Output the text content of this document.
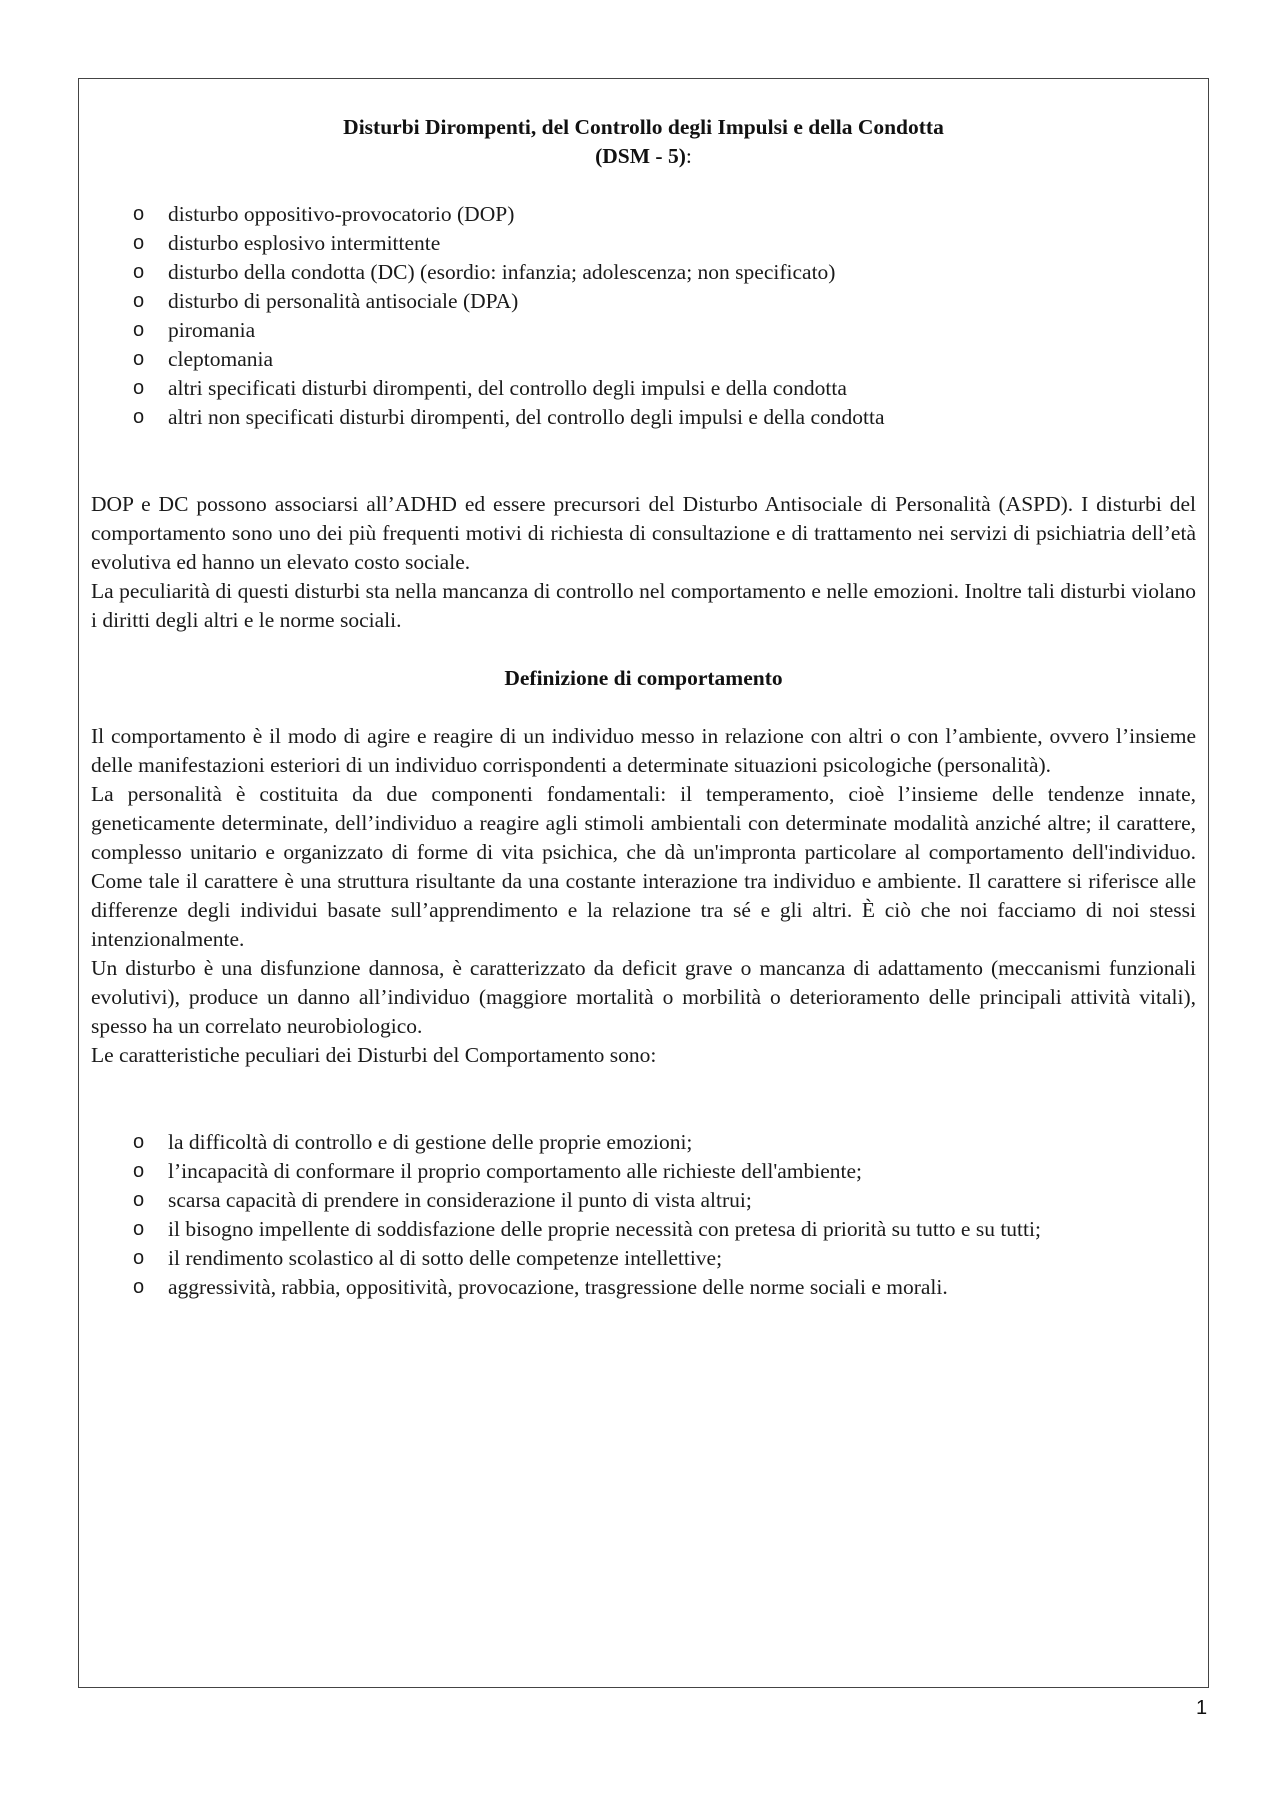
Disturbi Dirompenti, del Controllo degli Impulsi e della Condotta
(DSM - 5):
o disturbo oppositivo-provocatorio (DOP)
o disturbo esplosivo intermittente
o disturbo della condotta (DC) (esordio: infanzia; adolescenza; non specificato)
o disturbo di personalità antisociale (DPA)
o piromania
o cleptomania
o altri specificati disturbi dirompenti, del controllo degli impulsi e della condotta
o altri non specificati disturbi dirompenti, del controllo degli impulsi e della condotta

DOP e DC possono associarsi all’ADHD ed essere precursori del Disturbo Antisociale di Personalità (ASPD). I disturbi del comportamento sono uno dei più frequenti motivi di richiesta di consultazione e di trattamento nei servizi di psichiatria dell’età evolutiva ed hanno un elevato costo sociale.

La peculiarità di questi disturbi sta nella mancanza di controllo nel comportamento e nelle emozioni. Inoltre tali disturbi violano i diritti degli altri e le norme sociali.

Definizione di comportamento

Il comportamento è il modo di agire e reagire di un individuo messo in relazione con altri o con l’ambiente, ovvero l’insieme delle manifestazioni esteriori di un individuo corrispondenti a determinate situazioni psicologiche (personalità).

La personalità è costituita da due componenti fondamentali: il temperamento, cioè l’insieme delle tendenze innate, geneticamente determinate, dell’individuo a reagire agli stimoli ambientali con determinate modalità anziché altre; il carattere, complesso unitario e organizzato di forme di vita psichica, che dà un'impronta particolare al comportamento dell'individuo. Come tale il carattere è una struttura risultante da una costante interazione tra individuo e ambiente. Il carattere si riferisce alle differenze degli individui basate sull’apprendimento e la relazione tra sé e gli altri. È ciò che noi facciamo di noi stessi intenzionalmente.

Un disturbo è una disfunzione dannosa, è caratterizzato da deficit grave o mancanza di adattamento (meccanismi funzionali evolutivi), produce un danno all’individuo (maggiore mortalità o morbilità o deterioramento delle principali attività vitali), spesso ha un correlato neurobiologico.

Le caratteristiche peculiari dei Disturbi del Comportamento sono:

o la difficoltà di controllo e di gestione delle proprie emozioni;
o l’incapacità di conformare il proprio comportamento alle richieste dell'ambiente;
o scarsa capacità di prendere in considerazione il punto di vista altrui;
o il bisogno impellente di soddisfazione delle proprie necessità con pretesa di priorità su tutto e su tutti;
o il rendimento scolastico al di sotto delle competenze intellettive;
o aggressività, rabbia, oppositività, provocazione, trasgressione delle norme sociali e morali.
1
